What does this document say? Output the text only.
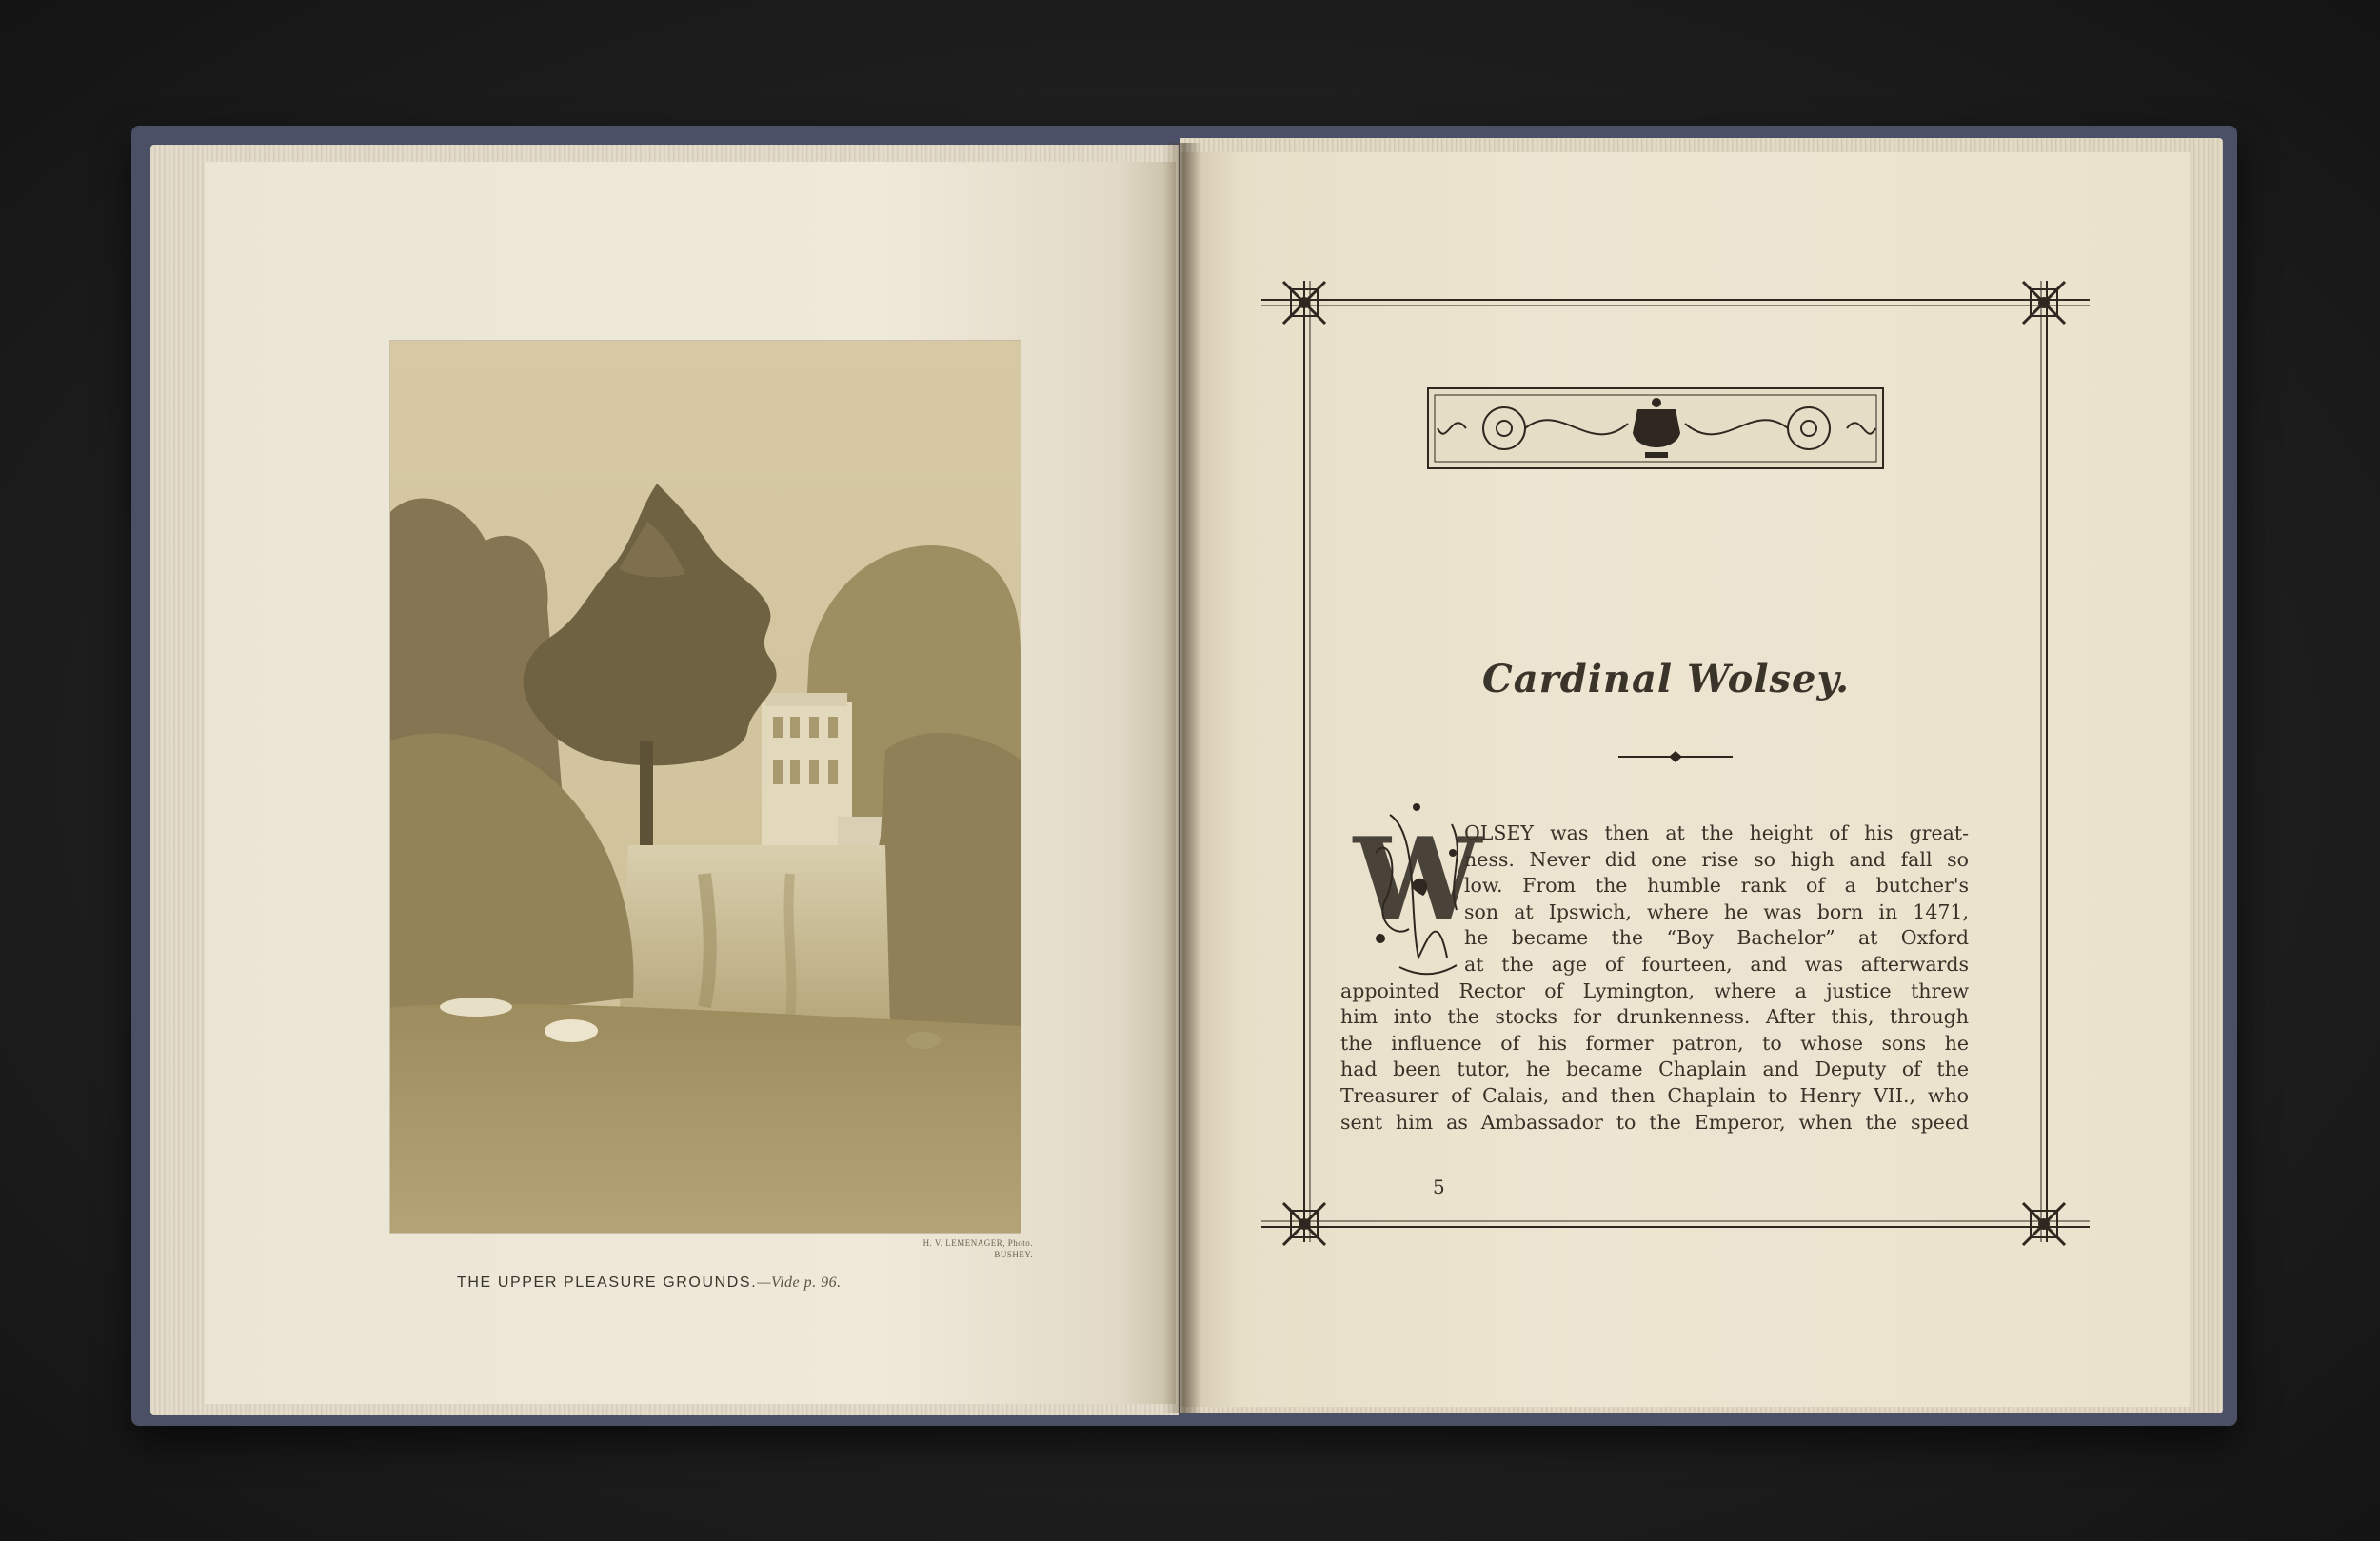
H. V. LEMENAGER, Photo.
BUSHEY.
THE UPPER PLEASURE GROUNDS.—Vide p. 96.
Cardinal Wolsey.
W
OLSEY was then at the height of his great-
ness. Never did one rise so high and fall so
low. From the humble rank of a butcher's
son at Ipswich, where he was born in 1471,
he became the “Boy Bachelor” at Oxford
at the age of fourteen, and was afterwards
appointed Rector of Lymington, where a justice threw
him into the stocks for drunkenness. After this, through
the influence of his former patron, to whose sons he
had been tutor, he became Chaplain and Deputy of the
Treasurer of Calais, and then Chaplain to Henry VII., who
sent him as Ambassador to the Emperor, when the speed
5
